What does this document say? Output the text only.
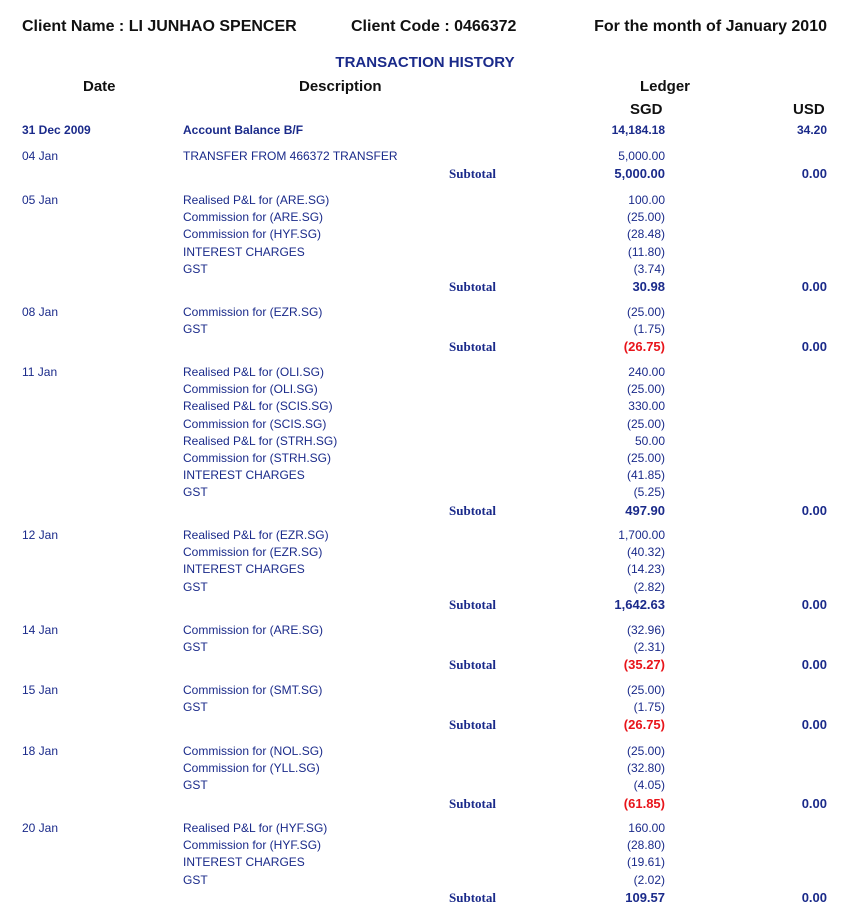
Client Name : LI JUNHAO SPENCER	Client Code : 0466372	For the month of January 2010
TRANSACTION HISTORY
Date	Description	Ledger
SGD	USD
31 Dec 2009	Account Balance B/F	14,184.18	34.20
04 Jan	TRANSFER FROM 466372 TRANSFER	5,000.00
Subtotal	5,000.00	0.00
05 Jan	Realised P&L for (ARE.SG)	100.00
Commission for (ARE.SG)	(25.00)
Commission for (HYF.SG)	(28.48)
INTEREST CHARGES	(11.80)
GST	(3.74)
Subtotal	30.98	0.00
08 Jan	Commission for (EZR.SG)	(25.00)
GST	(1.75)
Subtotal	(26.75)	0.00
11 Jan	Realised P&L for (OLI.SG)	240.00
Commission for (OLI.SG)	(25.00)
Realised P&L for (SCIS.SG)	330.00
Commission for (SCIS.SG)	(25.00)
Realised P&L for (STRH.SG)	50.00
Commission for (STRH.SG)	(25.00)
INTEREST CHARGES	(41.85)
GST	(5.25)
Subtotal	497.90	0.00
12 Jan	Realised P&L for (EZR.SG)	1,700.00
Commission for (EZR.SG)	(40.32)
INTEREST CHARGES	(14.23)
GST	(2.82)
Subtotal	1,642.63	0.00
14 Jan	Commission for (ARE.SG)	(32.96)
GST	(2.31)
Subtotal	(35.27)	0.00
15 Jan	Commission for (SMT.SG)	(25.00)
GST	(1.75)
Subtotal	(26.75)	0.00
18 Jan	Commission for (NOL.SG)	(25.00)
Commission for (YLL.SG)	(32.80)
GST	(4.05)
Subtotal	(61.85)	0.00
20 Jan	Realised P&L for (HYF.SG)	160.00
Commission for (HYF.SG)	(28.80)
INTEREST CHARGES	(19.61)
GST	(2.02)
Subtotal	109.57	0.00
